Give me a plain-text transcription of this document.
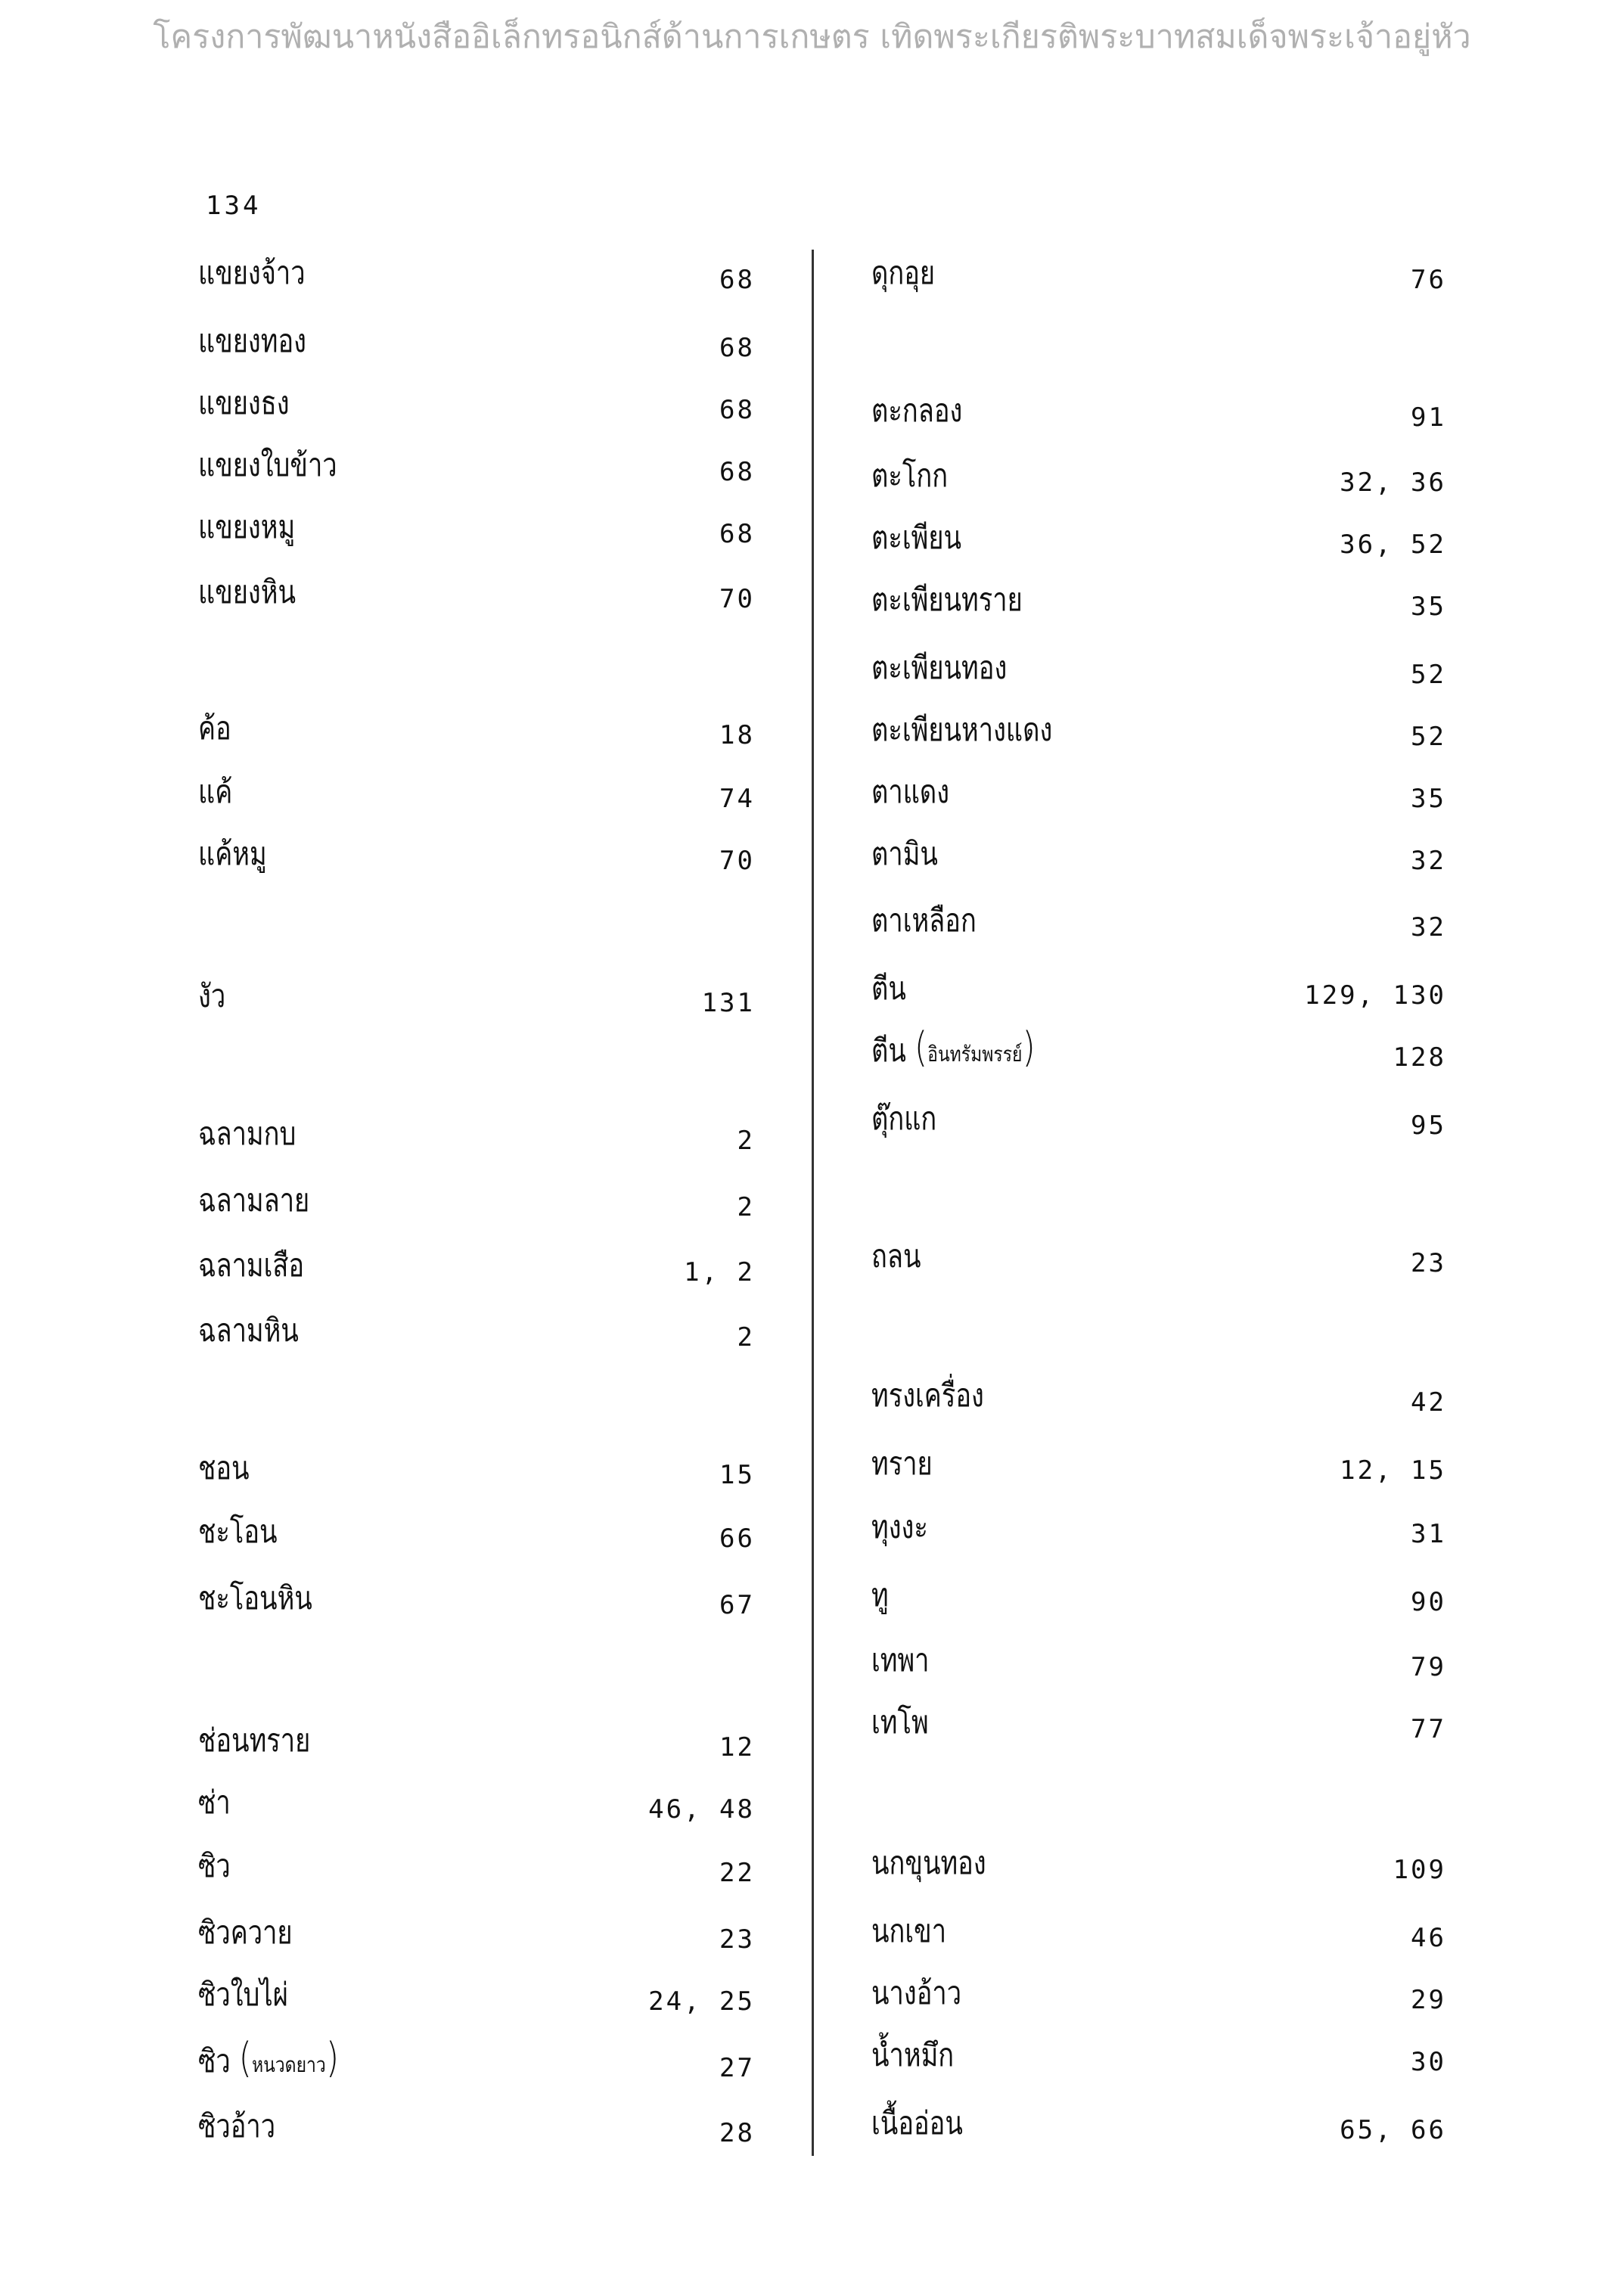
โครงการพัฒนาหนังสืออิเล็กทรอนิกส์ด้านการเกษตร เทิดพระเกียรติพระบาทสมเด็จพระเจ้าอยู่หัว
134
แขยงจ้าว	68
แขยงทอง	68
แขยงธง	68
แขยงใบข้าว	68
แขยงหมู	68
แขยงหิน	70
ค้อ	18
แค้	74
แค้หมู	70
งัว	131
ฉลามกบ	2
ฉลามลาย	2
ฉลามเสือ	1, 2
ฉลามหิน	2
ชอน	15
ชะโอน	66
ชะโอนหิน	67
ช่อนทราย	12
ซ่า	46, 48
ซิว	22
ซิวควาย	23
ซิวใบไผ่	24, 25
ซิว (หนวดยาว)	27
ซิวอ้าว	28
ดุกอุย	76
ตะกลอง	91
ตะโกก	32, 36
ตะเพียน	36, 52
ตะเพียนทราย	35
ตะเพียนทอง	52
ตะเพียนหางแดง	52
ตาแดง	35
ตามิน	32
ตาเหลือก	32
ตีน	129, 130
ตีน (อินทรัมพรรย์)	128
ตุ๊กแก	95
ถลน	23
ทรงเครื่อง	42
ทราย	12, 15
ทุงงะ	31
ทู	90
เทพา	79
เทโพ	77
นกขุนทอง	109
นกเขา	46
นางอ้าว	29
น้ำหมึก	30
เนื้ออ่อน	65, 66
